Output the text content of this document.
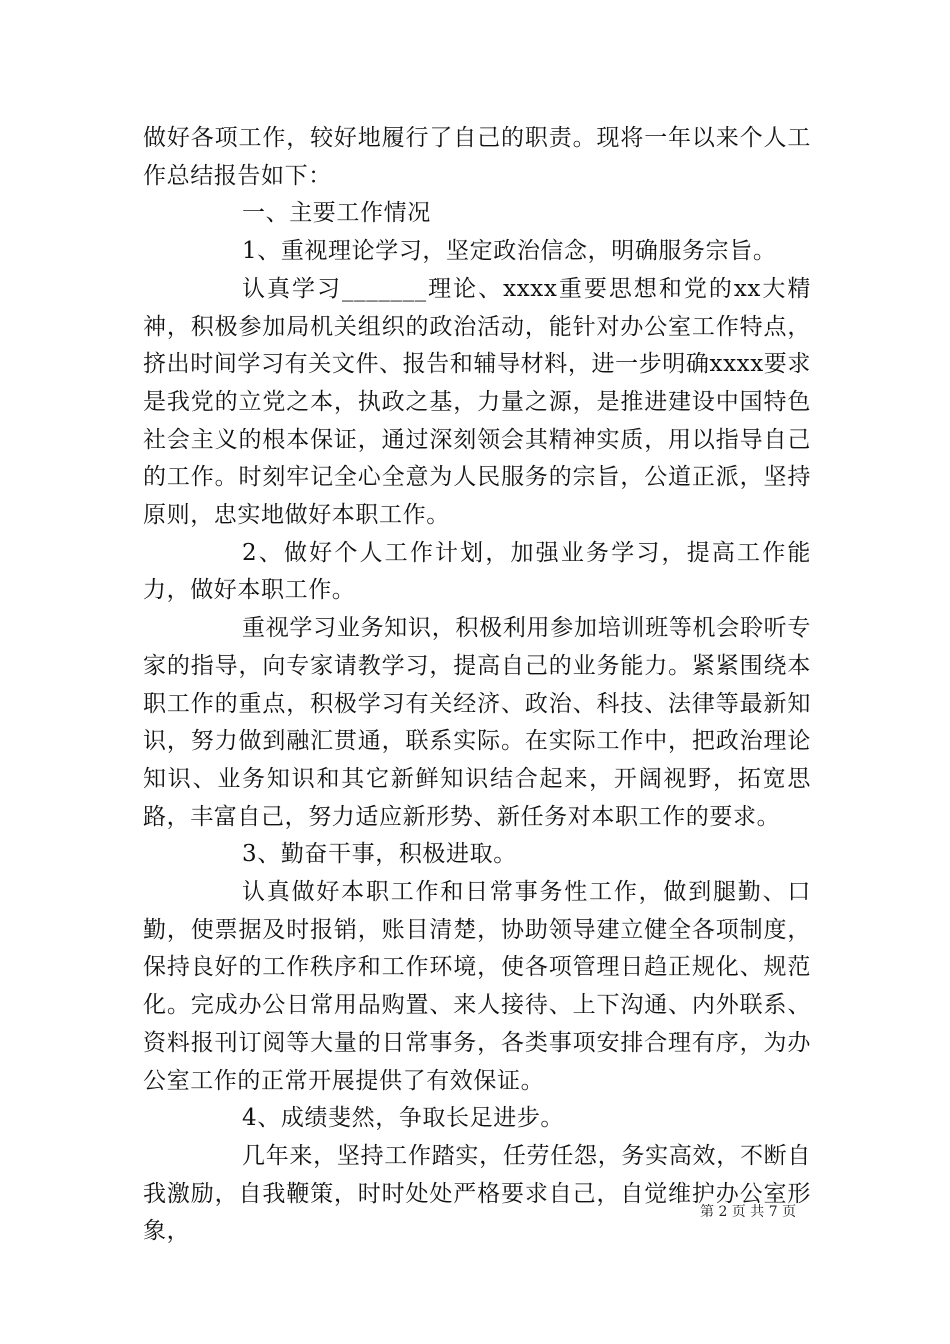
做好各项工作，较好地履行了自己的职责。现将一年以来个人工作总结报告如下：

一、主要工作情况

1、重视理论学习，坚定政治信念，明确服务宗旨。

认真学习_______理论、xxxx重要思想和党的xx大精神，积极参加局机关组织的政治活动，能针对办公室工作特点，挤出时间学习有关文件、报告和辅导材料，进一步明确xxxx要求是我党的立党之本，执政之基，力量之源，是推进建设中国特色社会主义的根本保证，通过深刻领会其精神实质，用以指导自己的工作。时刻牢记全心全意为人民服务的宗旨，公道正派，坚持原则，忠实地做好本职工作。

2、做好个人工作计划，加强业务学习，提高工作能力，做好本职工作。

重视学习业务知识，积极利用参加培训班等机会聆听专家的指导，向专家请教学习，提高自己的业务能力。紧紧围绕本职工作的重点，积极学习有关经济、政治、科技、法律等最新知识，努力做到融汇贯通，联系实际。在实际工作中，把政治理论知识、业务知识和其它新鲜知识结合起来，开阔视野，拓宽思路，丰富自己，努力适应新形势、新任务对本职工作的要求。

3、勤奋干事，积极进取。

认真做好本职工作和日常事务性工作，做到腿勤、口勤，使票据及时报销，账目清楚，协助领导建立健全各项制度，保持良好的工作秩序和工作环境，使各项管理日趋正规化、规范化。完成办公日常用品购置、来人接待、上下沟通、内外联系、资料报刊订阅等大量的日常事务，各类事项安排合理有序，为办公室工作的正常开展提供了有效保证。

4、成绩斐然，争取长足进步。

几年来，坚持工作踏实，任劳任怨，务实高效，不断自我激励，自我鞭策，时时处处严格要求自己，自觉维护办公室形象，

第 2 页 共 7 页
